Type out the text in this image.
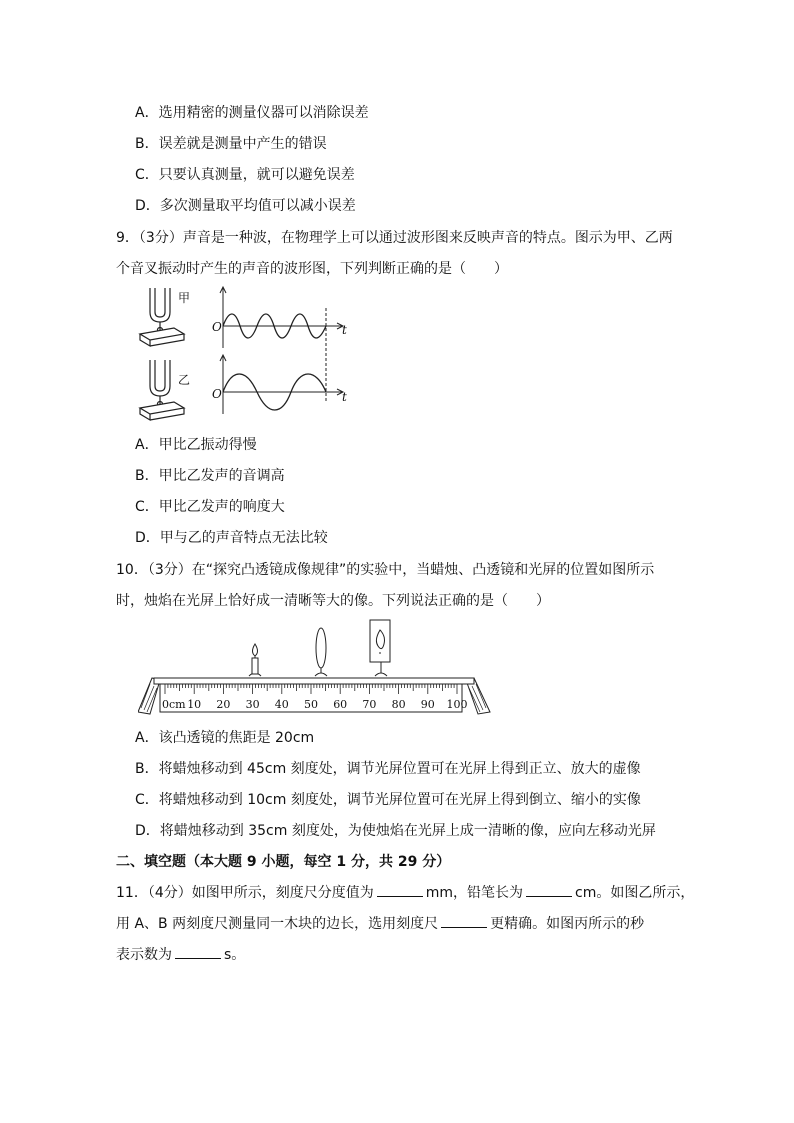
A．选用精密的测量仪器可以消除误差
B．误差就是测量中产生的错误
C．只要认真测量，就可以避免误差
D．多次测量取平均值可以减小误差
9．（3分）声音是一种波，在物理学上可以通过波形图来反映声音的特点。图示为甲、乙两
个音叉振动时产生的声音的波形图，下列判断正确的是（　　）
甲
乙
O	t
O	t
A．甲比乙振动得慢
B．甲比乙发声的音调高
C．甲比乙发声的响度大
D．甲与乙的声音特点无法比较
10．（3分）在“探究凸透镜成像规律”的实验中，当蜡烛、凸透镜和光屏的位置如图所示
时，烛焰在光屏上恰好成一清晰等大的像。下列说法正确的是（　　）
0cm 10 20 30 40 50 60 70 80 90 100
A．该凸透镜的焦距是 20cm
B．将蜡烛移动到 45cm 刻度处，调节光屏位置可在光屏上得到正立、放大的虚像
C．将蜡烛移动到 10cm 刻度处，调节光屏位置可在光屏上得到倒立、缩小的实像
D．将蜡烛移动到 35cm 刻度处，为使烛焰在光屏上成一清晰的像，应向左移动光屏
二、填空题（本大题 9 小题，每空 1 分，共 29 分）
11．（4分）如图甲所示，刻度尺分度值为	mm，铅笔长为	cm。如图乙所示，
用 A、B 两刻度尺测量同一木块的边长，选用刻度尺	更精确。如图丙所示的秒
表示数为	s。
